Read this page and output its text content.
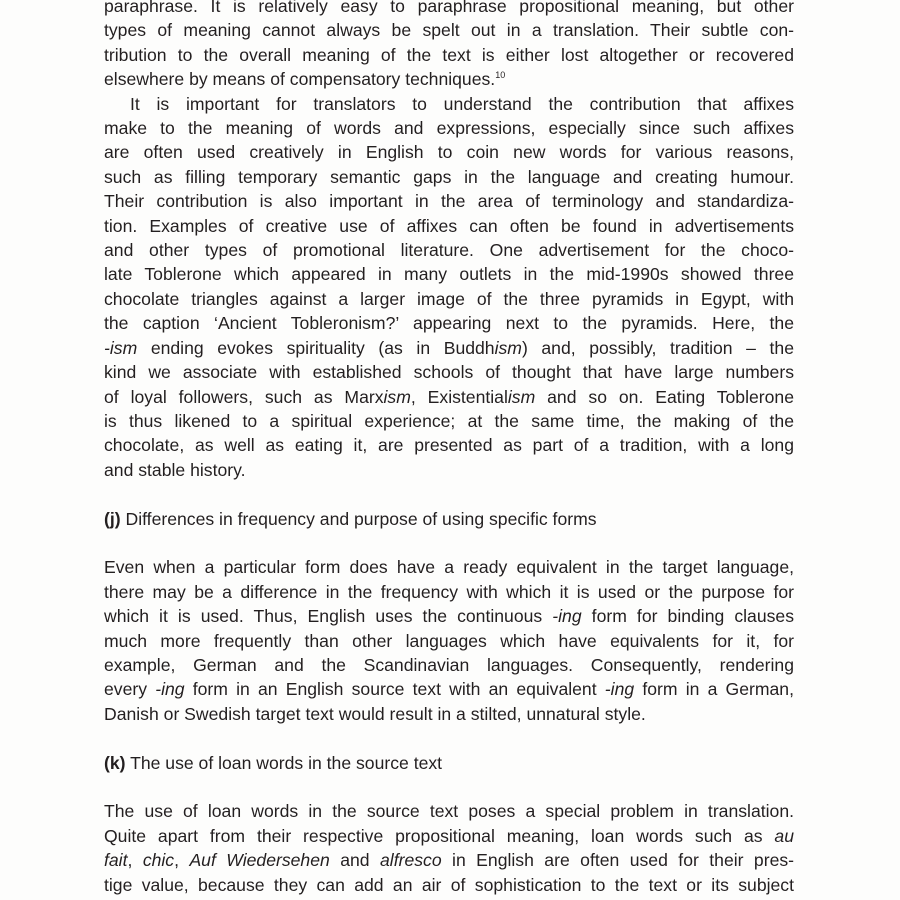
paraphrase. It is relatively easy to paraphrase propositional meaning, but other
types of meaning cannot always be spelt out in a translation. Their subtle con-
tribution to the overall meaning of the text is either lost altogether or recovered
elsewhere by means of compensatory techniques.$^{10}$
It is important for translators to understand the contribution that affixes
make to the meaning of words and expressions, especially since such affixes
are often used creatively in English to coin new words for various reasons,
such as filling temporary semantic gaps in the language and creating humour.
Their contribution is also important in the area of terminology and standardiza-
tion. Examples of creative use of affixes can often be found in advertisements
and other types of promotional literature. One advertisement for the choco-
late Toblerone which appeared in many outlets in the mid-1990s showed three
chocolate triangles against a larger image of the three pyramids in Egypt, with
the caption ‘Ancient Tobleronism?’ appearing next to the pyramids. Here, the
-ism ending evokes spirituality (as in Buddhism) and, possibly, tradition – the
kind we associate with established schools of thought that have large numbers
of loyal followers, such as Marxism, Existentialism and so on. Eating Toblerone
is thus likened to a spiritual experience; at the same time, the making of the
chocolate, as well as eating it, are presented as part of a tradition, with a long
and stable history.
(j) Differences in frequency and purpose of using specific forms
Even when a particular form does have a ready equivalent in the target language,
there may be a difference in the frequency with which it is used or the purpose for
which it is used. Thus, English uses the continuous -ing form for binding clauses
much more frequently than other languages which have equivalents for it, for
example, German and the Scandinavian languages. Consequently, rendering
every -ing form in an English source text with an equivalent -ing form in a German,
Danish or Swedish target text would result in a stilted, unnatural style.
(k) The use of loan words in the source text
The use of loan words in the source text poses a special problem in translation.
Quite apart from their respective propositional meaning, loan words such as au
fait, chic, Auf Wiedersehen and alfresco in English are often used for their pres-
tige value, because they can add an air of sophistication to the text or its subject
